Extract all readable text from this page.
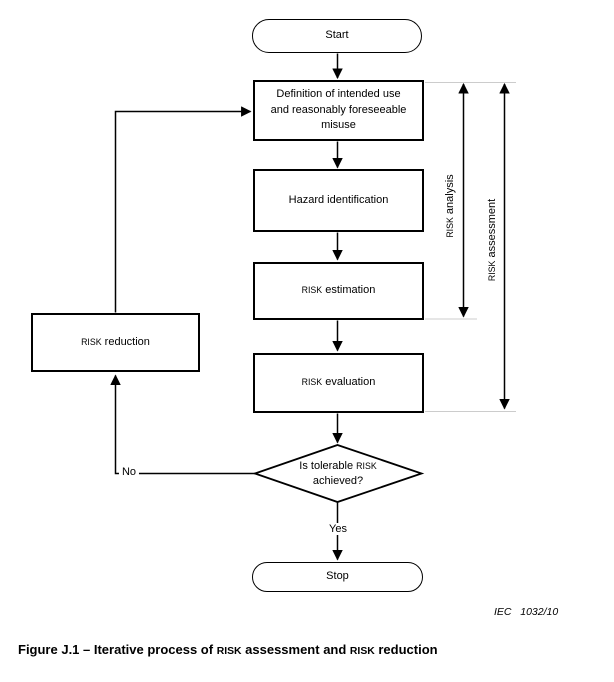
Start
Definition of intended use and reasonably foreseeable misuse
Hazard identification
RISK estimation
RISK evaluation
RISK reduction
Is tolerable RISK achieved?
Stop
Yes
No
RISK analysis
RISK assessment
IEC   1032/10
Figure J.1 – Iterative process of RISK assessment and RISK reduction
